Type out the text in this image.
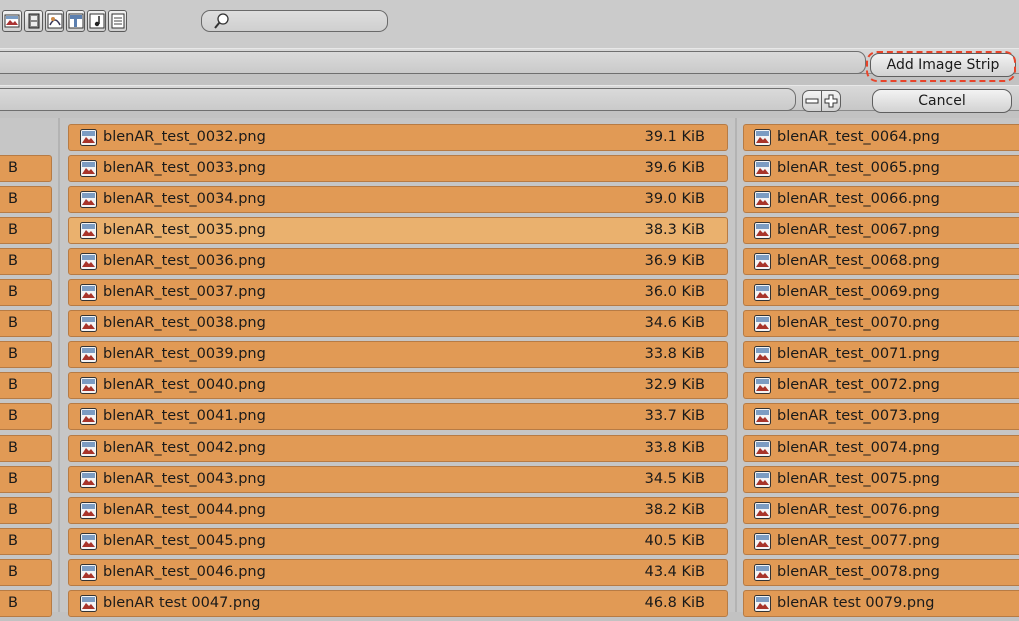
Add Image Strip
Cancel
blenAR_test_0032.png	39.1 KiB
B	blenAR_test_0033.png	39.6 KiB
B	blenAR_test_0034.png	39.0 KiB
B	blenAR_test_0035.png	38.3 KiB
B	blenAR_test_0036.png	36.9 KiB
B	blenAR_test_0037.png	36.0 KiB
B	blenAR_test_0038.png	34.6 KiB
B	blenAR_test_0039.png	33.8 KiB
B	blenAR_test_0040.png	32.9 KiB
B	blenAR_test_0041.png	33.7 KiB
B	blenAR_test_0042.png	33.8 KiB
B	blenAR_test_0043.png	34.5 KiB
B	blenAR_test_0044.png	38.2 KiB
B	blenAR_test_0045.png	40.5 KiB
B	blenAR_test_0046.png	43.4 KiB
B	blenAR test 0047.png	46.8 KiB
blenAR_test_0064.png
blenAR_test_0065.png
blenAR_test_0066.png
blenAR_test_0067.png
blenAR_test_0068.png
blenAR_test_0069.png
blenAR_test_0070.png
blenAR_test_0071.png
blenAR_test_0072.png
blenAR_test_0073.png
blenAR_test_0074.png
blenAR_test_0075.png
blenAR_test_0076.png
blenAR_test_0077.png
blenAR_test_0078.png
blenAR test 0079.png
